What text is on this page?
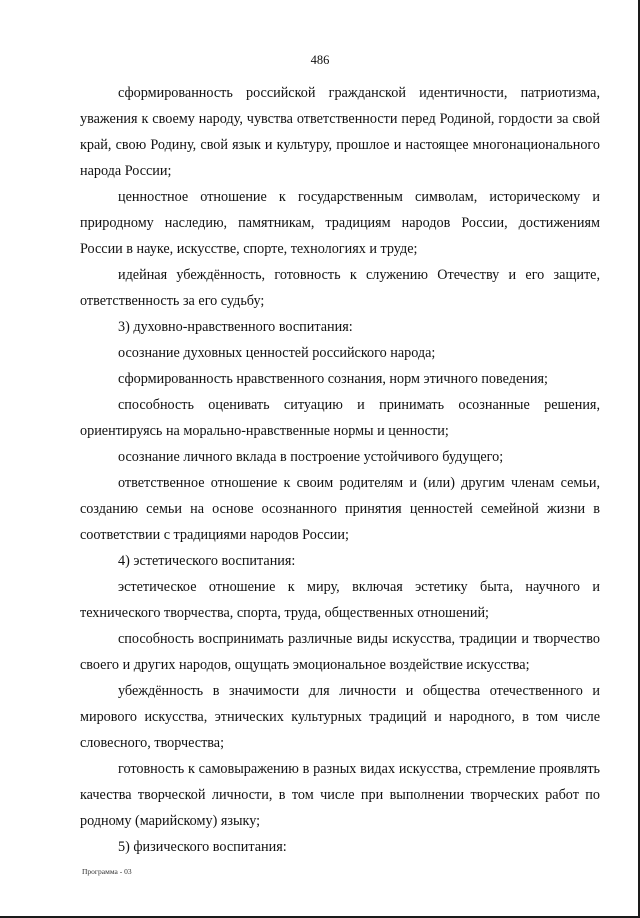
486

сформированность российской гражданской идентичности, патриотизма, уважения к своему народу, чувства ответственности перед Родиной, гордости за свой край, свою Родину, свой язык и культуру, прошлое и настоящее многонационального народа России;

ценностное отношение к государственным символам, историческому и природному наследию, памятникам, традициям народов России, достижениям России в науке, искусстве, спорте, технологиях и труде;

идейная убеждённость, готовность к служению Отечеству и его защите, ответственность за его судьбу;

3) духовно-нравственного воспитания:

осознание духовных ценностей российского народа;

сформированность нравственного сознания, норм этичного поведения;

способность оценивать ситуацию и принимать осознанные решения, ориентируясь на морально-нравственные нормы и ценности;

осознание личного вклада в построение устойчивого будущего;

ответственное отношение к своим родителям и (или) другим членам семьи, созданию семьи на основе осознанного принятия ценностей семейной жизни в соответствии с традициями народов России;

4) эстетического воспитания:

эстетическое отношение к миру, включая эстетику быта, научного и технического творчества, спорта, труда, общественных отношений;

способность воспринимать различные виды искусства, традиции и творчество своего и других народов, ощущать эмоциональное воздействие искусства;

убеждённость в значимости для личности и общества отечественного и мирового искусства, этнических культурных традиций и народного, в том числе словесного, творчества;

готовность к самовыражению в разных видах искусства, стремление проявлять качества творческой личности, в том числе при выполнении творческих работ по родному (марийскому) языку;

5) физического воспитания:

Программа - 03
